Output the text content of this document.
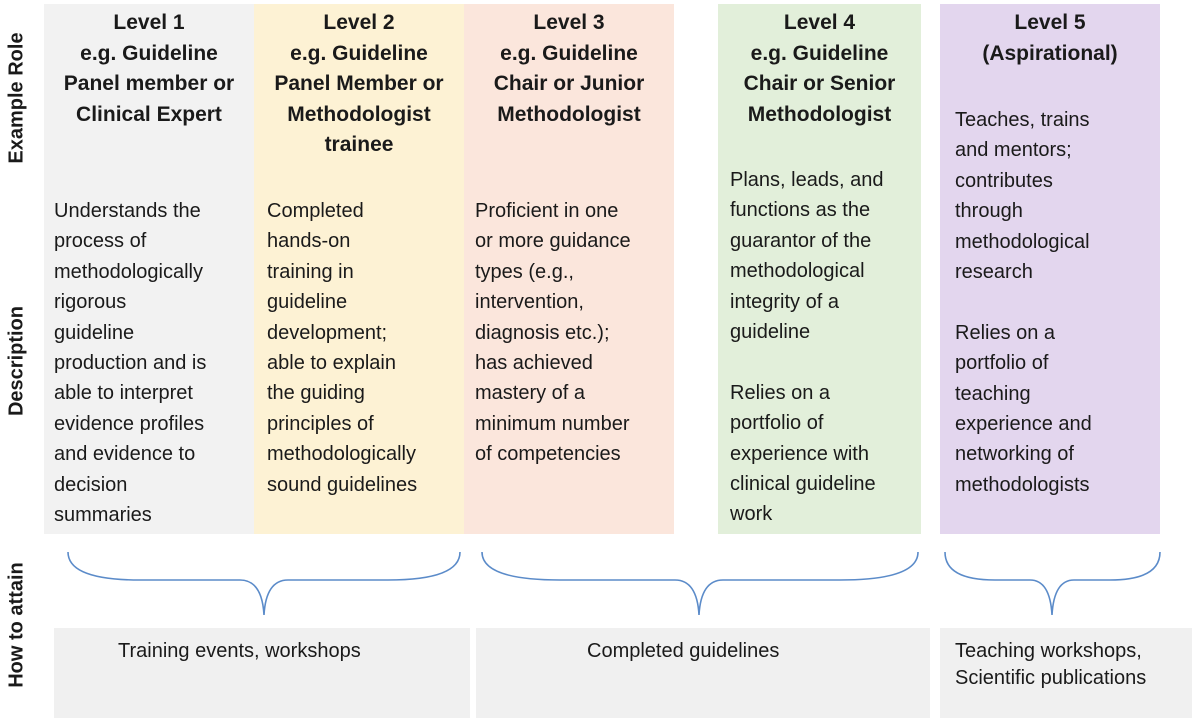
Example Role
Description
How to attain
Level 1
e.g. Guideline
Panel member or
Clinical Expert
Understands the
process of
methodologically
rigorous
guideline
production and is
able to interpret
evidence profiles
and evidence to
decision
summaries
Level 2
e.g. Guideline
Panel Member or
Methodologist
trainee
Completed
hands-on
training in
guideline
development;
able to explain
the guiding
principles of
methodologically
sound guidelines
Level 3
e.g. Guideline
Chair or Junior
Methodologist
Proficient in one
or more guidance
types (e.g.,
intervention,
diagnosis etc.);
has achieved
mastery of a
minimum number
of competencies
Level 4
e.g. Guideline
Chair or Senior
Methodologist
Plans, leads, and
functions as the
guarantor of the
methodological
integrity of a
guideline

Relies on a
portfolio of
experience with
clinical guideline
work
Level 5
(Aspirational)
Teaches, trains
and mentors;
contributes
through
methodological
research

Relies on a
portfolio of
teaching
experience and
networking of
methodologists
Training events, workshops	Completed guidelines	Teaching workshops,
Scientific publications
